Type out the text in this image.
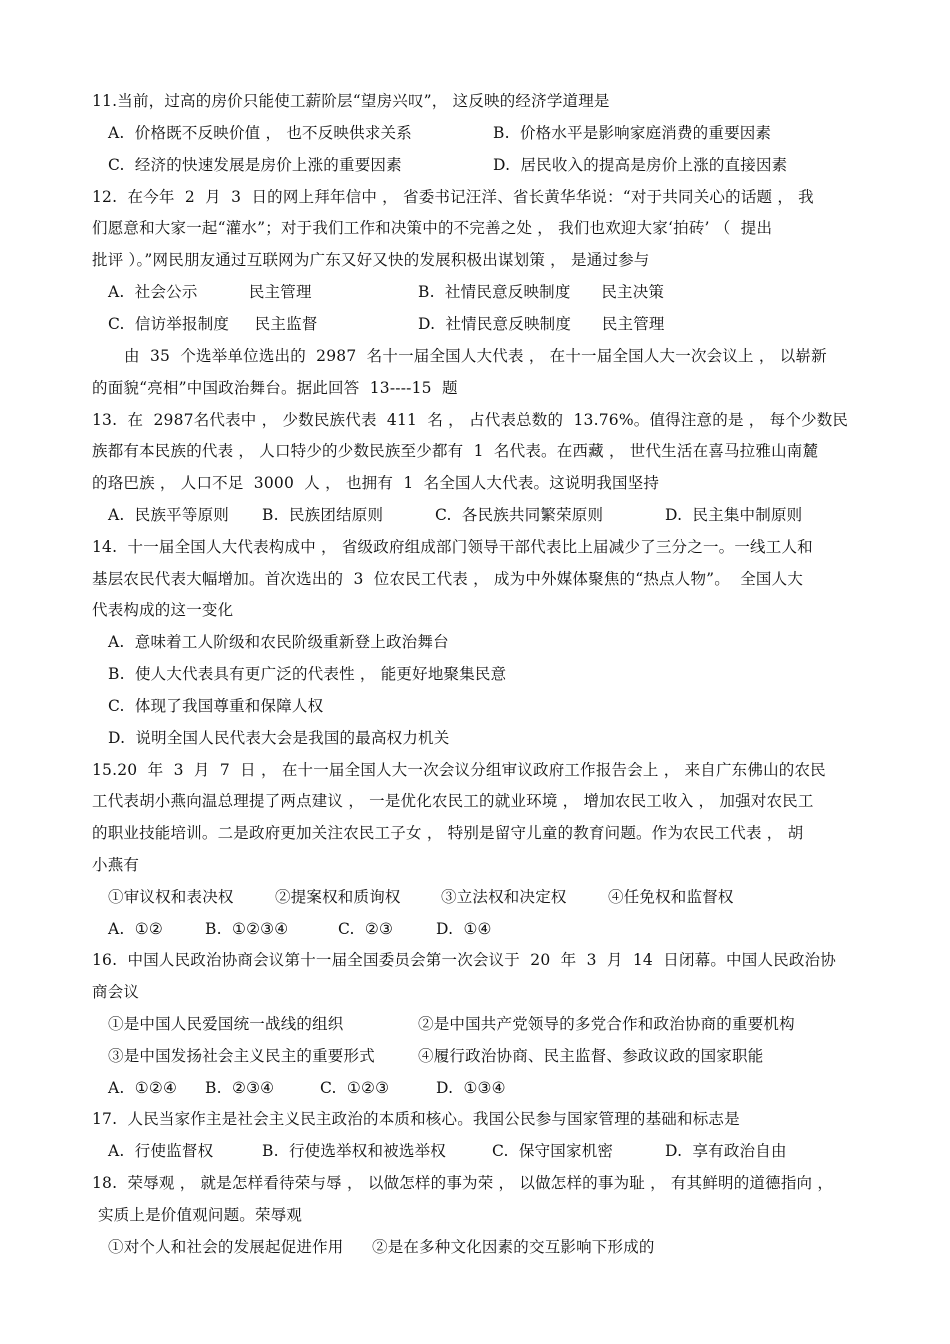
11.当前，过高的房价只能使工薪阶层“望房兴叹”， 这反映的经济学道理是
A.  价格既不反映价值 ， 也不反映供求关系	B.  价格水平是影响家庭消费的重要因素
C.  经济的快速发展是房价上涨的重要因素	D.  居民收入的提高是房价上涨的直接因素
12.  在今年  2  月  3  日的网上拜年信中 ， 省委书记汪洋、省长黄华华说：“对于共同关心的话题 ， 我
们愿意和大家一起“灌水”；对于我们工作和决策中的不完善之处 ， 我们也欢迎大家‘拍砖’ （  提出
批评 ）。”网民朋友通过互联网为广东又好又快的发展积极出谋划策 ， 是通过参与
A.  社会公示          民主管理	B.  社情民意反映制度      民主决策
C.  信访举报制度     民主监督	D.  社情民意反映制度      民主管理
由  35  个选举单位选出的  2987  名十一届全国人大代表 ， 在十一届全国人大一次会议上 ， 以崭新
的面貌“亮相”中国政治舞台。据此回答  13----15  题
13.  在  2987名代表中 ， 少数民族代表  411  名 ， 占代表总数的  13.76%。值得注意的是 ， 每个少数民
族都有本民族的代表 ， 人口特少的少数民族至少都有  1  名代表。在西藏 ， 世代生活在喜马拉雅山南麓
的珞巴族 ， 人口不足  3000  人 ， 也拥有  1  名全国人大代表。这说明我国坚持
A.  民族平等原则 B.  民族团结原则	C.  各民族共同繁荣原则	D.  民主集中制原则
14.  十一届全国人大代表构成中 ， 省级政府组成部门领导干部代表比上届减少了三分之一。一线工人和
基层农民代表大幅增加。首次选出的  3  位农民工代表 ， 成为中外媒体聚焦的“热点人物”。  全国人大
代表构成的这一变化
A.  意味着工人阶级和农民阶级重新登上政治舞台
B.  使人大代表具有更广泛的代表性 ， 能更好地聚集民意
C.  体现了我国尊重和保障人权
D.  说明全国人民代表大会是我国的最高权力机关
15.20  年  3  月  7  日 ， 在十一届全国人大一次会议分组审议政府工作报告会上 ， 来自广东佛山的农民
工代表胡小燕向温总理提了两点建议 ， 一是优化农民工的就业环境 ， 增加农民工收入 ， 加强对农民工
的职业技能培训。二是政府更加关注农民工子女 ， 特别是留守儿童的教育问题。作为农民工代表 ， 胡
小燕有
①审议权和表决权	②提案权和质询权	③立法权和决定权	④任免权和监督权
A.  ①②	B.  ①②③④	C.  ②③	D.  ①④
16.  中国人民政治协商会议第十一届全国委员会第一次会议于  20  年  3  月  14  日闭幕。中国人民政治协
商会议
①是中国人民爱国统一战线的组织	②是中国共产党领导的多党合作和政治协商的重要机构
③是中国发扬社会主义民主的重要形式	④履行政治协商、民主监督、参政议政的国家职能
A.  ①②④ B.  ②③④	C.  ①②③	D.  ①③④
17.  人民当家作主是社会主义民主政治的本质和核心。我国公民参与国家管理的基础和标志是
A.  行使监督权	B.  行使选举权和被选举权	C.  保守国家机密	D.  享有政治自由
18.  荣辱观 ， 就是怎样看待荣与辱 ， 以做怎样的事为荣 ， 以做怎样的事为耻 ， 有其鲜明的道德指向 ，
实质上是价值观问题。荣辱观
①对个人和社会的发展起促进作用 ②是在多种文化因素的交互影响下形成的
